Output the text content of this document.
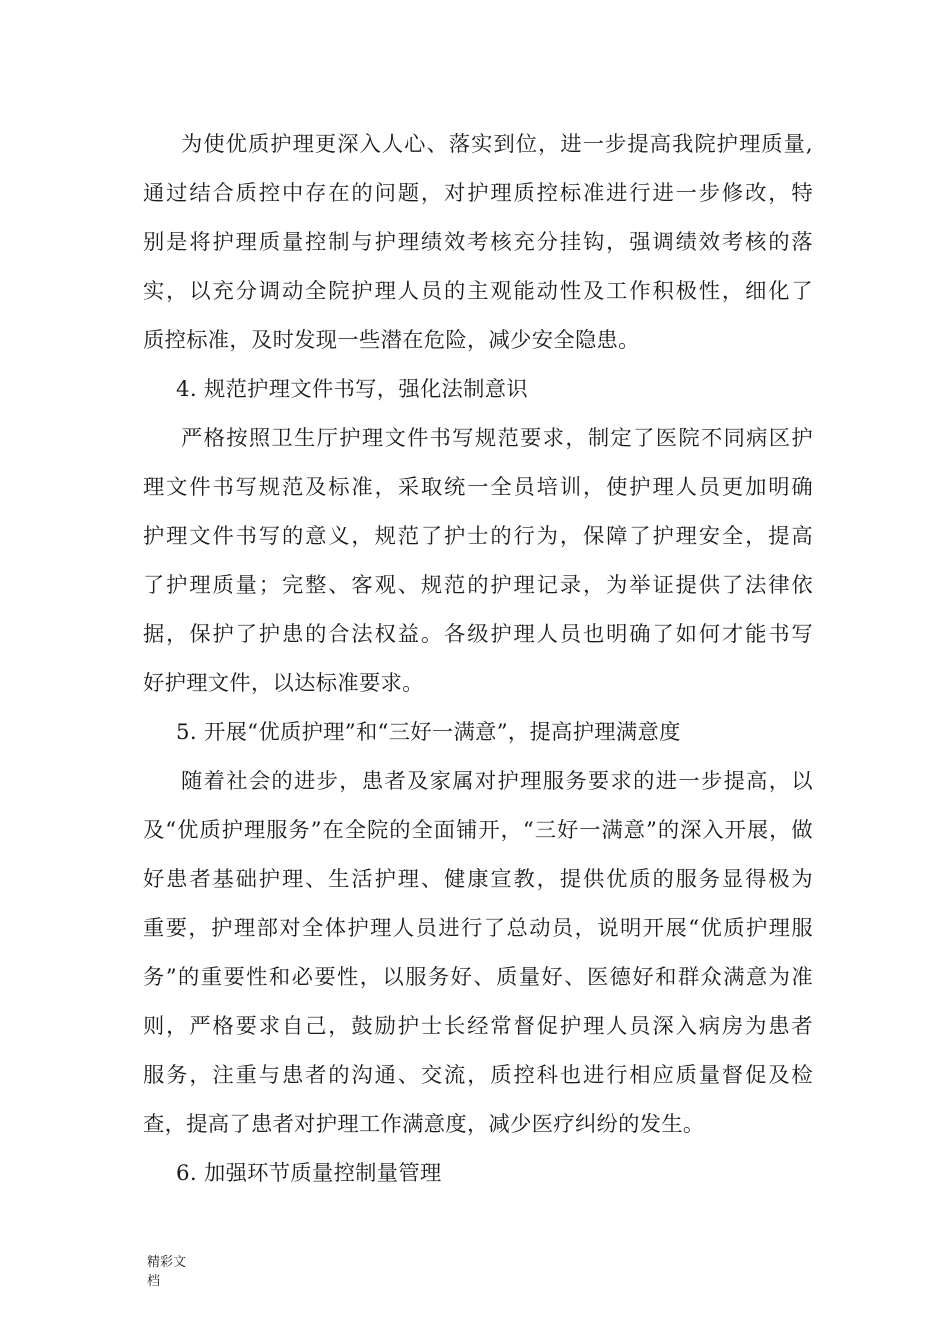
为使优质护理更深入人心、落实到位，进一步提高我院护理质量,
通过结合质控中存在的问题，对护理质控标准进行进一步修改，特
别是将护理质量控制与护理绩效考核充分挂钩，强调绩效考核的落
实，以充分调动全院护理人员的主观能动性及工作积极性，细化了
质控标准，及时发现一些潜在危险，减少安全隐患。
4. 规范护理文件书写，强化法制意识
严格按照卫生厅护理文件书写规范要求，制定了医院不同病区护
理文件书写规范及标准，采取统一全员培训，使护理人员更加明确
护理文件书写的意义，规范了护士的行为，保障了护理安全，提高
了护理质量；完整、客观、规范的护理记录，为举证提供了法律依
据，保护了护患的合法权益。各级护理人员也明确了如何才能书写
好护理文件，以达标准要求。
5. 开展“优质护理”和“三好一满意”，提高护理满意度
随着社会的进步，患者及家属对护理服务要求的进一步提高，以
及“优质护理服务”在全院的全面铺开，“三好一满意”的深入开展，做
好患者基础护理、生活护理、健康宣教，提供优质的服务显得极为
重要，护理部对全体护理人员进行了总动员，说明开展“优质护理服
务”的重要性和必要性，以服务好、质量好、医德好和群众满意为准
则，严格要求自己，鼓励护士长经常督促护理人员深入病房为患者
服务，注重与患者的沟通、交流，质控科也进行相应质量督促及检
查，提高了患者对护理工作满意度，减少医疗纠纷的发生。
6. 加强环节质量控制量管理
精彩文
档
